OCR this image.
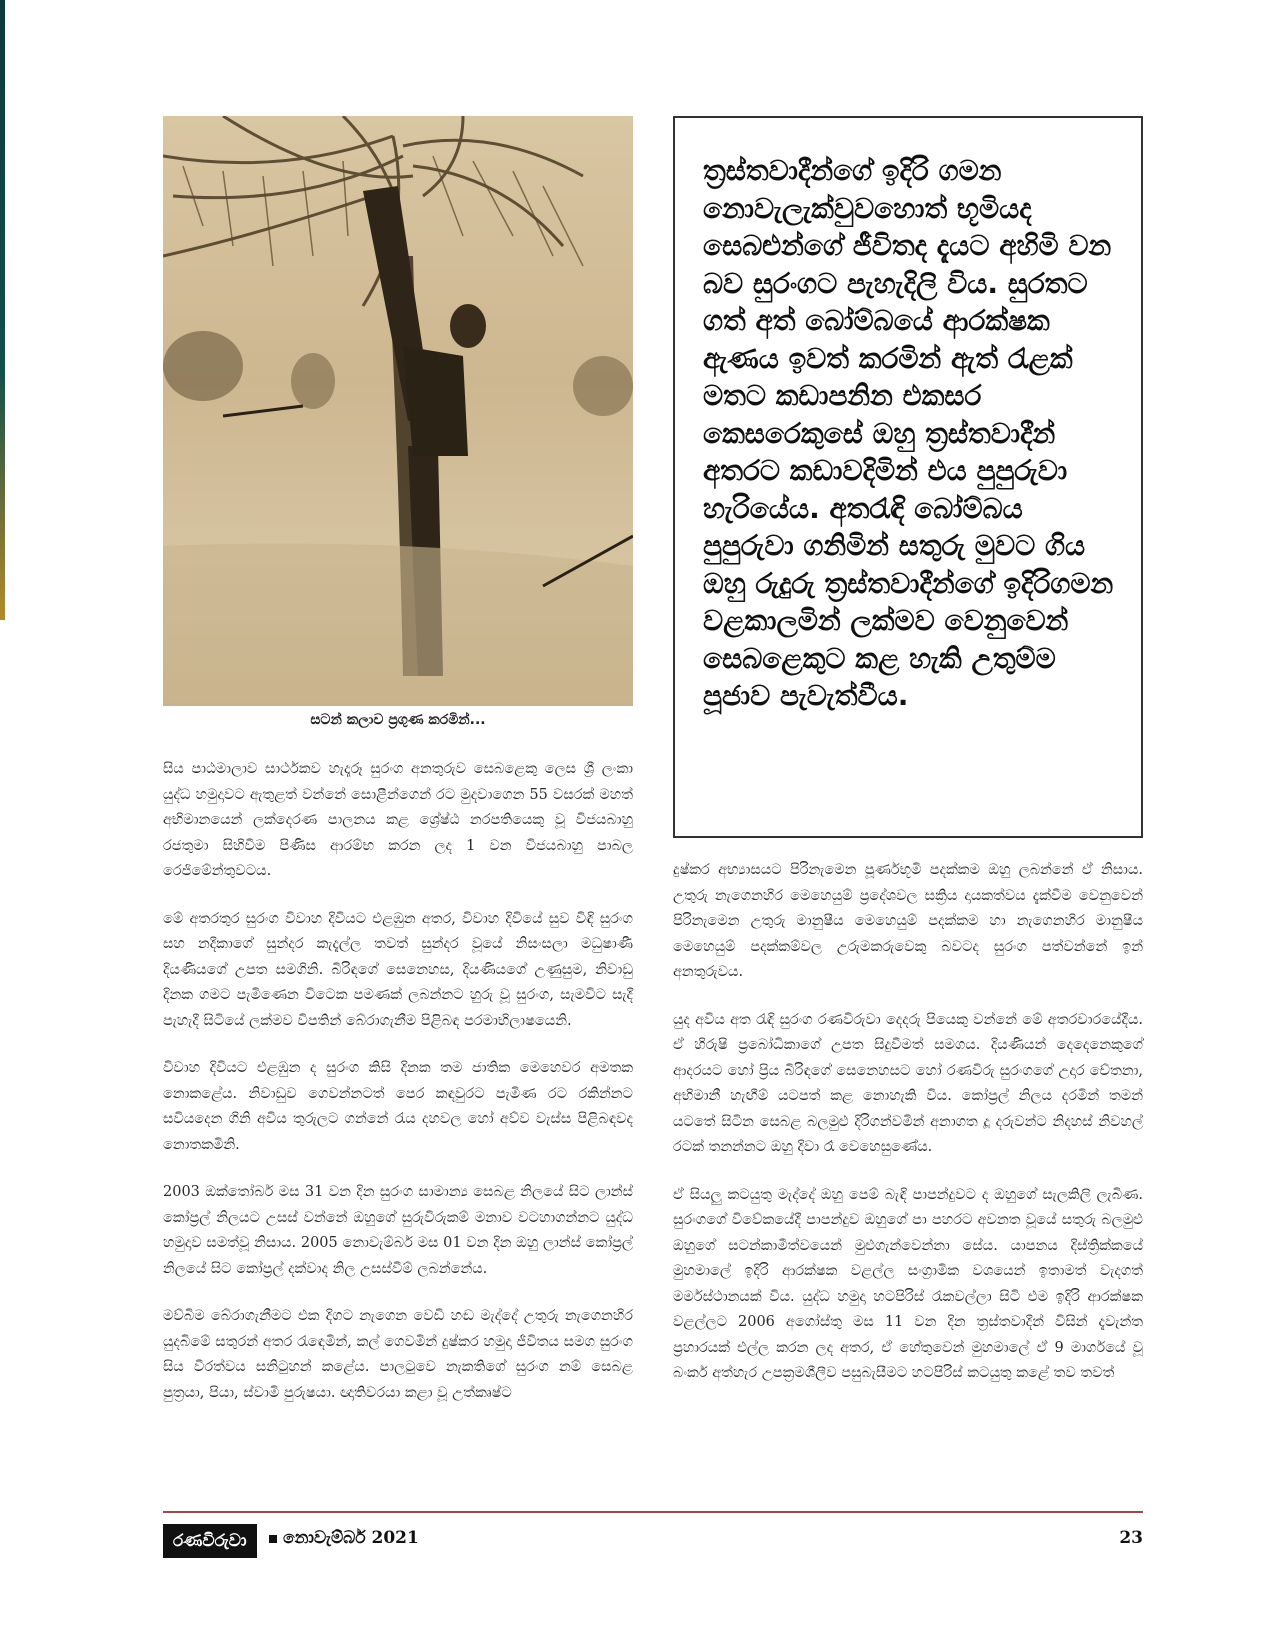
සටන් කලාව ප්‍රගුණ කරමින්...

ත්‍රස්තවාදීන්ගේ ඉදිරි ගමන නොවැලැක්වුවහොත් භූමියද සෙබළුන්ගේ ජීවිතද දැයට අහිමි වන බව සුරංගට පැහැදිලි විය. සුරතට ගත් අත් බෝම්බයේ ආරක්ෂක ඇණය ඉවත් කරමින් ඇත් රැළක් මතට කඩාපනින එකසර කෙසරෙකුසේ ඔහු ත්‍රස්තවාදීන් අතරට කඩාවදිමින් එය පුපුරුවා හැරියේය. අතරැඳි බෝම්බය පුපුරුවා ගනිමින් සතුරු මුවට ගිය ඔහු රුදුරු ත්‍රස්තවාදීන්ගේ ඉදිරිගමන වළකාලමින් ලක්මව වෙනුවෙන් සෙබළෙකුට කළ හැකි උතුම්ම පූජාව පැවැත්වීය.

සිය පාඨමාලාව සාර්ථකව හැදෑරූ සුරංග අනතුරුව සෙබළෙකු ලෙස ශ්‍රී ලංකා යුද්ධ හමුදාවට ඇතුළත් වන්නේ සොළීන්ගෙන් රට මුදවාගෙන 55 වසරක් මහත් අභිමානයෙන් ලක්දෙරණ පාලනය කළ ශ්‍රේෂ්ඨ නරපතියෙකු වූ විජයබාහු රජතුමා සිහිවීම පිණිස ආරම්භ කරන ලද 1 වන විජයබාහු පාබල රෙජිමේන්තුවටය.

මේ අතරතුර සුරංග විවාහ දිවියට එළඹුන අතර, විවාහ දිවියේ සුව විඳි සුරංග සහ නදීකාගේ සුන්දර කැදැල්ල තවත් සුන්දර වූයේ නිසංසලා මධුෂාණී දියණියගේ උපත සමගිනි. බිරිඳගේ සෙනෙහස, දියණියගේ උණුසුම, නිවාඩු දිනක ගමට පැමිණෙන විටෙක පමණක් ලබන්නට හුරු වූ සුරංග, සැමවිට සැදී පැහැදී සිටියේ ලක්මව විපතින් බේරාගැනීම පිළිබඳ පරමාභිලාෂයෙනි.

විවාහ දිවියට එළඹුන ද සුරංග කිසි දිනක තම ජාතික මෙහෙවර අමතක නොකළේය. නිවාඩුව ගෙවන්නටත් පෙර කඳවුරට පැමිණ රට රකින්නට සවියදෙන ගිනි අවිය තුරුලට ගන්නේ රැය දහවල හෝ අව්ව වැස්ස පිළිබඳවද නොතකමිනි.

2003 ඔක්තෝබර් මස 31 වන දින සුරංග සාමාන්‍ය සෙබළ නිලයේ සිට ලාන්ස් කෝප්‍රල් නිලයට උසස් වන්නේ ඔහුගේ සුරුවිරුකම් මනාව වටහාගන්නට යුද්ධ හමුදාව සමත්වූ නිසාය. 2005 නොවැම්බර් මස 01 වන දින ඔහු ලාන්ස් කෝප්‍රල් නිලයේ සිට කෝප්‍රල් දක්වාද නිල උසස්වීම් ලබන්නේය.

මව්බිම බේරාගැනීමට එක දිගට නැගෙන වෙඩි හඬ මැද්දේ උතුරු නැගෙනහිර යුදබිමේ සතුරන් අතර රැඳෙමින්, කල් ගෙවමින් දුෂ්කර හමුදා ජීවිතය සමග සුරංග සිය වීරත්වය සනිටුහන් කළේය. පාලටුවෙ නැකතිගේ සුරංග නම් සෙබළ පුත්‍රයා, පියා, ස්වාමි පුරුෂයා. ඥාතිවරයා කළා වූ උත්කෘෂ්ට

දුෂ්කර අභ්‍යාසයට පිරිනැමෙන පූර්ණභූමි පදක්කම ඔහු ලබන්නේ ඒ නිසාය. උතුරු නැගෙනහිර මෙහෙයුම් ප්‍රදේශවල සක්‍රිය දායකත්වය දැක්වීම වෙනුවෙන් පිරිනැමෙන උතුරු මානුෂීය මෙහෙයුම් පදක්කම හා නැගෙනහිර මානුෂීය මෙහෙයුම් පදක්කම්වල උරුමකරුවෙකු බවටද සුරංග පත්වන්නේ ඉන් අනතුරුවය.

යුද අවිය අත රැඳි සුරංග රණවිරුවා දෙදරු පියෙකු වන්නේ මේ අතරවාරයේදීය. ඒ හිරුෂි ප්‍රබෝධිකාගේ උපත සිදුවීමත් සමගය. දියණියන් දෙදෙනෙකුගේ ආදරයට හෝ ප්‍රිය බිරිඳගේ සෙනෙහසට හෝ රණවිරු සුරංගගේ උදාර චේතනා, අභිමානී හැඟීම් යටපත් කළ නොහැකි විය. කෝප්‍රල් නිලය දරමින් තමන් යටතේ සිටින සෙබළ බලමුළු දිරිගන්වමින් අනාගත දූ දරුවන්ට නිදහස් නිවහල් රටක් තනන්නට ඔහු දිවා රෑ වෙහෙසුණේය.

ඒ සියලු කටයුතු මැද්දේ ඔහු පෙම් බැඳි පාපන්දුවට ද ඔහුගේ සැලකිලි ලැබිණ. සුරංගගේ විවේකයේදී පාපන්දුව ඔහුගේ පා පහරට අවනත වූයේ සතුරු බලමුළු ඔහුගේ සටන්කාමීත්වයෙන් මුළුගැන්වෙන්නා සේය. යාපනය දිස්ත්‍රික්කයේ මුහමාලේ ඉදිරි ආරක්ෂක වළල්ල සංග්‍රාමික වශයෙන් ඉතාමත් වැදගත් මර්මස්ථානයක් විය. යුද්ධ හමුදා හටපිරිස් රැකවල්ලා සිටි එම ඉදිරි ආරක්ෂක වළල්ලට 2006 අගෝස්තු මස 11 වන දින ත්‍රස්තවාදීන් විසින් දැවැන්ත ප්‍රහාරයක් එල්ල කරන ලද අතර, ඒ හේතුවෙන් මුහමාලේ ඒ 9 මාර්ගයේ වූ බංකර් අත්හැර උපක්‍රමශීලීව පසුබැසීමට හටපිරිස් කටයුතු කළේ තව තවත්

රණවිරුවා	නොවැම්බර් 2021	23
